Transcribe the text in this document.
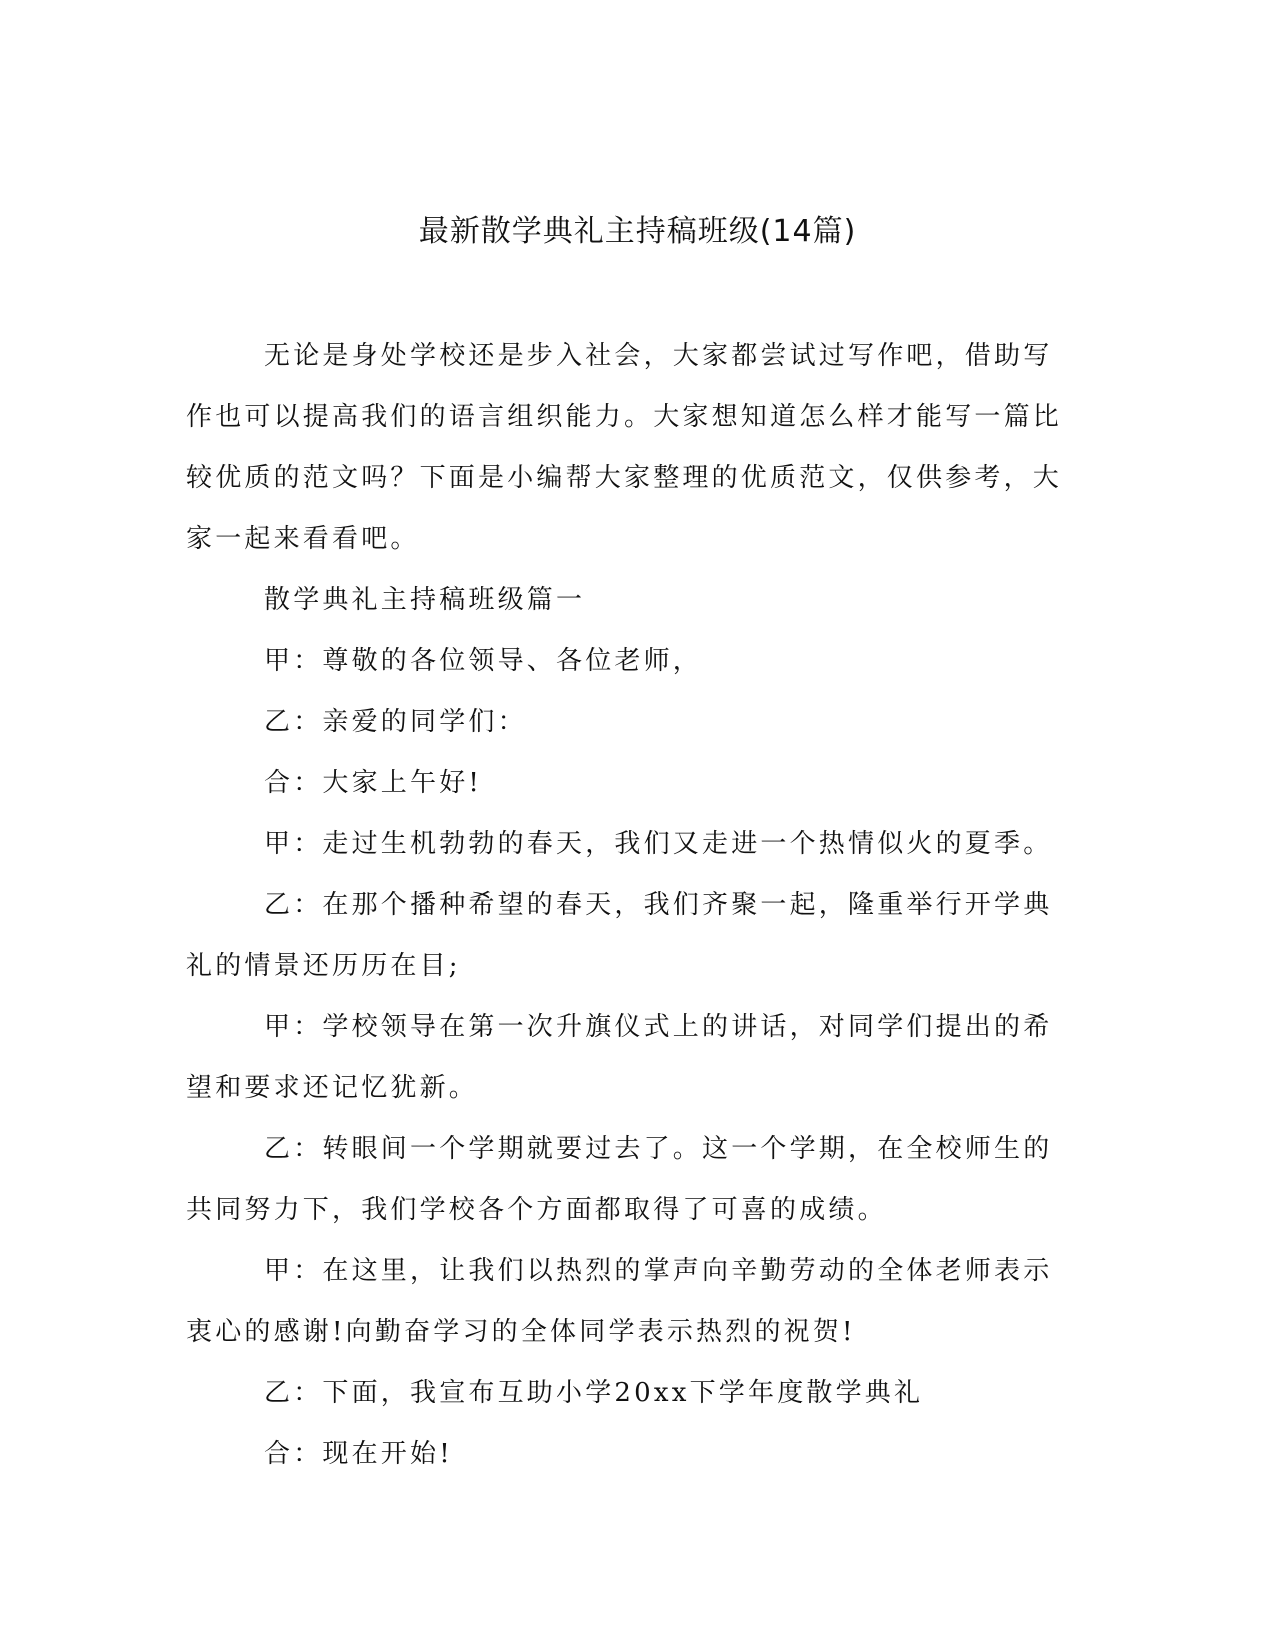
最新散学典礼主持稿班级(14篇)

无论是身处学校还是步入社会，大家都尝试过写作吧，借助写作也可以提高我们的语言组织能力。大家想知道怎么样才能写一篇比较优质的范文吗？下面是小编帮大家整理的优质范文，仅供参考，大家一起来看看吧。

散学典礼主持稿班级篇一

甲：尊敬的各位领导、各位老师，

乙：亲爱的同学们：

合：大家上午好!

甲：走过生机勃勃的春天，我们又走进一个热情似火的夏季。

乙：在那个播种希望的春天，我们齐聚一起，隆重举行开学典礼的情景还历历在目;

甲：学校领导在第一次升旗仪式上的讲话，对同学们提出的希望和要求还记忆犹新。

乙：转眼间一个学期就要过去了。这一个学期，在全校师生的共同努力下，我们学校各个方面都取得了可喜的成绩。

甲：在这里，让我们以热烈的掌声向辛勤劳动的全体老师表示衷心的感谢!向勤奋学习的全体同学表示热烈的祝贺!

乙：下面，我宣布互助小学20xx下学年度散学典礼

合：现在开始!
